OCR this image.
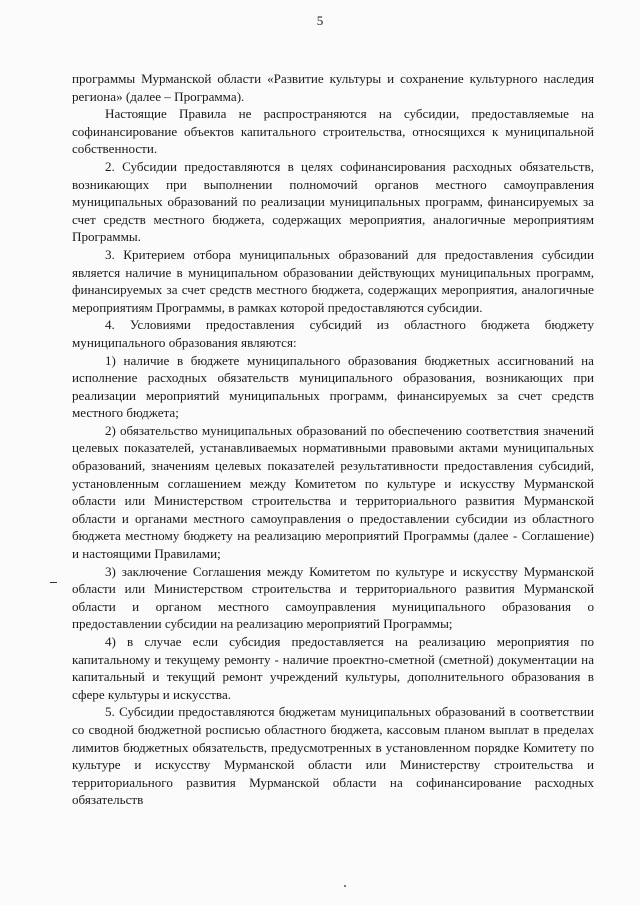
5

программы Мурманской области «Развитие культуры и сохранение культурного наследия региона» (далее – Программа).

Настоящие Правила не распространяются на субсидии, предоставляемые на софинансирование объектов капитального строительства, относящихся к муниципальной собственности.

2. Субсидии предоставляются в целях софинансирования расходных обязательств, возникающих при выполнении полномочий органов местного самоуправления муниципальных образований по реализации муниципальных программ, финансируемых за счет средств местного бюджета, содержащих мероприятия, аналогичные мероприятиям Программы.

3. Критерием отбора муниципальных образований для предоставления субсидии является наличие в муниципальном образовании действующих муниципальных программ, финансируемых за счет средств местного бюджета, содержащих мероприятия, аналогичные мероприятиям Программы, в рамках которой предоставляются субсидии.

4. Условиями предоставления субсидий из областного бюджета бюджету муниципального образования являются:

1) наличие в бюджете муниципального образования бюджетных ассигнований на исполнение расходных обязательств муниципального образования, возникающих при реализации мероприятий муниципальных программ, финансируемых за счет средств местного бюджета;

2) обязательство муниципальных образований по обеспечению соответствия значений целевых показателей, устанавливаемых нормативными правовыми актами муниципальных образований, значениям целевых показателей результативности предоставления субсидий, установленным соглашением между Комитетом по культуре и искусству Мурманской области или Министерством строительства и территориального развития Мурманской области и органами местного самоуправления о предоставлении субсидии из областного бюджета местному бюджету на реализацию мероприятий Программы (далее - Соглашение) и настоящими Правилами;

3) заключение Соглашения между Комитетом по культуре и искусству Мурманской области или Министерством строительства и территориального развития Мурманской области и органом местного самоуправления муниципального образования о предоставлении субсидии на реализацию мероприятий Программы;

4) в случае если субсидия предоставляется на реализацию мероприятия по капитальному и текущему ремонту - наличие проектно-сметной (сметной) документации на капитальный и текущий ремонт учреждений культуры, дополнительного образования в сфере культуры и искусства.

5. Субсидии предоставляются бюджетам муниципальных образований в соответствии со сводной бюджетной росписью областного бюджета, кассовым планом выплат в пределах лимитов бюджетных обязательств, предусмотренных в установленном порядке Комитету по культуре и искусству Мурманской области или Министерству строительства и территориального развития Мурманской области на софинансирование расходных обязательств
